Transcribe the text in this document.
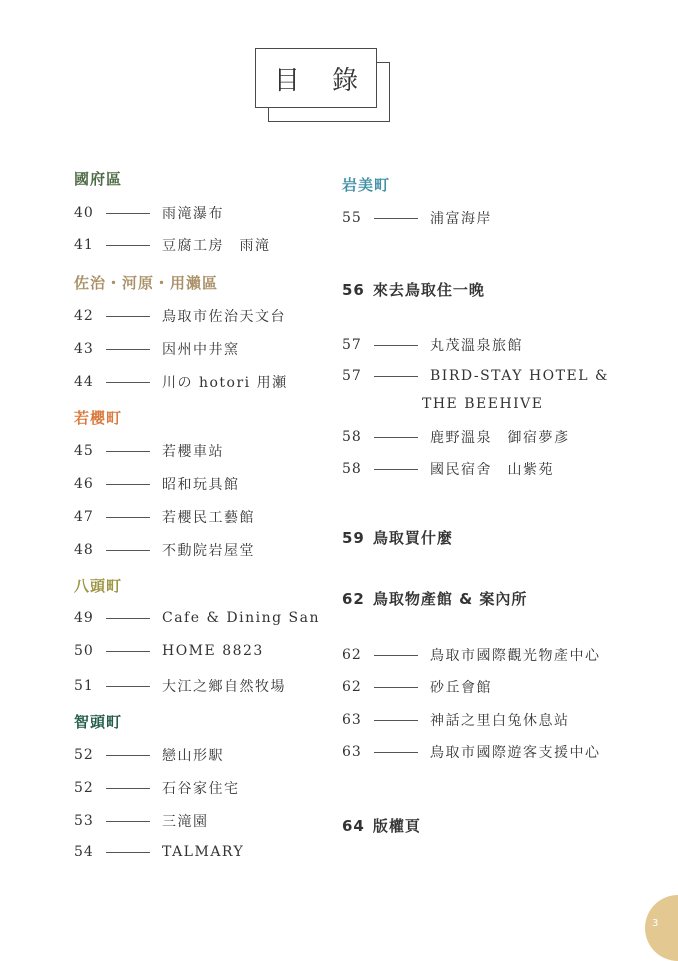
目 錄
國府區
40	雨滝瀑布
41	豆腐工房　雨滝
佐治・河原・用瀨區
42	鳥取市佐治天文台
43	因州中井窯
44	川の hotori 用瀬
若櫻町
45	若櫻車站
46	昭和玩具館
47	若櫻民工藝館
48	不動院岩屋堂
八頭町
49	Cafe & Dining San
50	HOME 8823
51	大江之鄉自然牧場
智頭町
52	戀山形駅
52	石谷家住宅
53	三滝園
54	TALMARY
岩美町
55	浦富海岸
56 來去鳥取住一晚
57	丸茂溫泉旅館
57	BIRD-STAY HOTEL &
THE BEEHIVE
58	鹿野溫泉　御宿夢彥
58	國民宿舍　山紫苑
59 鳥取買什麼
62 鳥取物產館 & 案內所
62	鳥取市國際觀光物產中心
62	砂丘會館
63	神話之里白兔休息站
63	鳥取市國際遊客支援中心
64 版權頁
3
